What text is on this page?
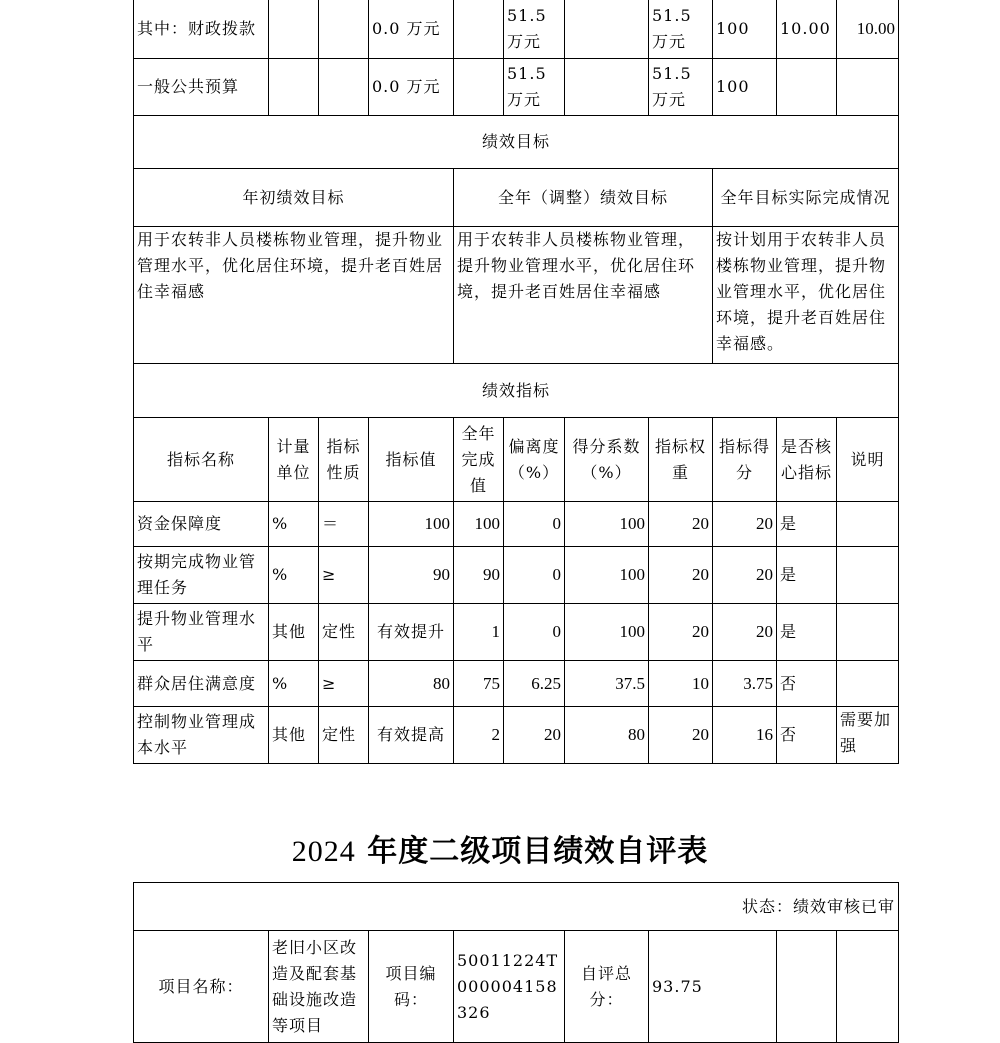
其中：财政拨款			0.0 万元		51.5 万元		51.5 万元	100	10.00	10.00
一般公共预算			0.0 万元		51.5 万元		51.5 万元	100		
绩效目标										
年初绩效目标				全年（调整）绩效目标				全年目标实际完成情况		
用于农转非人员楼栋物业管理，提升物业管理水平，优化居住环境，提升老百姓居住幸福感				用于农转非人员楼栋物业管理，提升物业管理水平，优化居住环境，提升老百姓居住幸福感				按计划用于农转非人员楼栋物业管理，提升物业管理水平，优化居住环境，提升老百姓居住幸福感。		
绩效指标										
指标名称	计量单位	指标性质	指标值	全年完成值	偏离度（%）	得分系数（%）	指标权重	指标得分	是否核心指标	说明
资金保障度	%	＝	100	100	0	100	20	20	是	
按期完成物业管理任务	%	≥	90	90	0	100	20	20	是	
提升物业管理水平	其他	定性	有效提升	1	0	100	20	20	是	
群众居住满意度	%	≥	80	75	6.25	37.5	10	3.75	否	
控制物业管理成本水平	其他	定性	有效提高	2	20	80	20	16	否	需要加强
2024 年度二级项目绩效自评表
状态：绩效审核已审
项目名称：	老旧小区改造及配套基础设施改造等项目	项目编码：	50011224T000004158326	自评总分：	93.75		
